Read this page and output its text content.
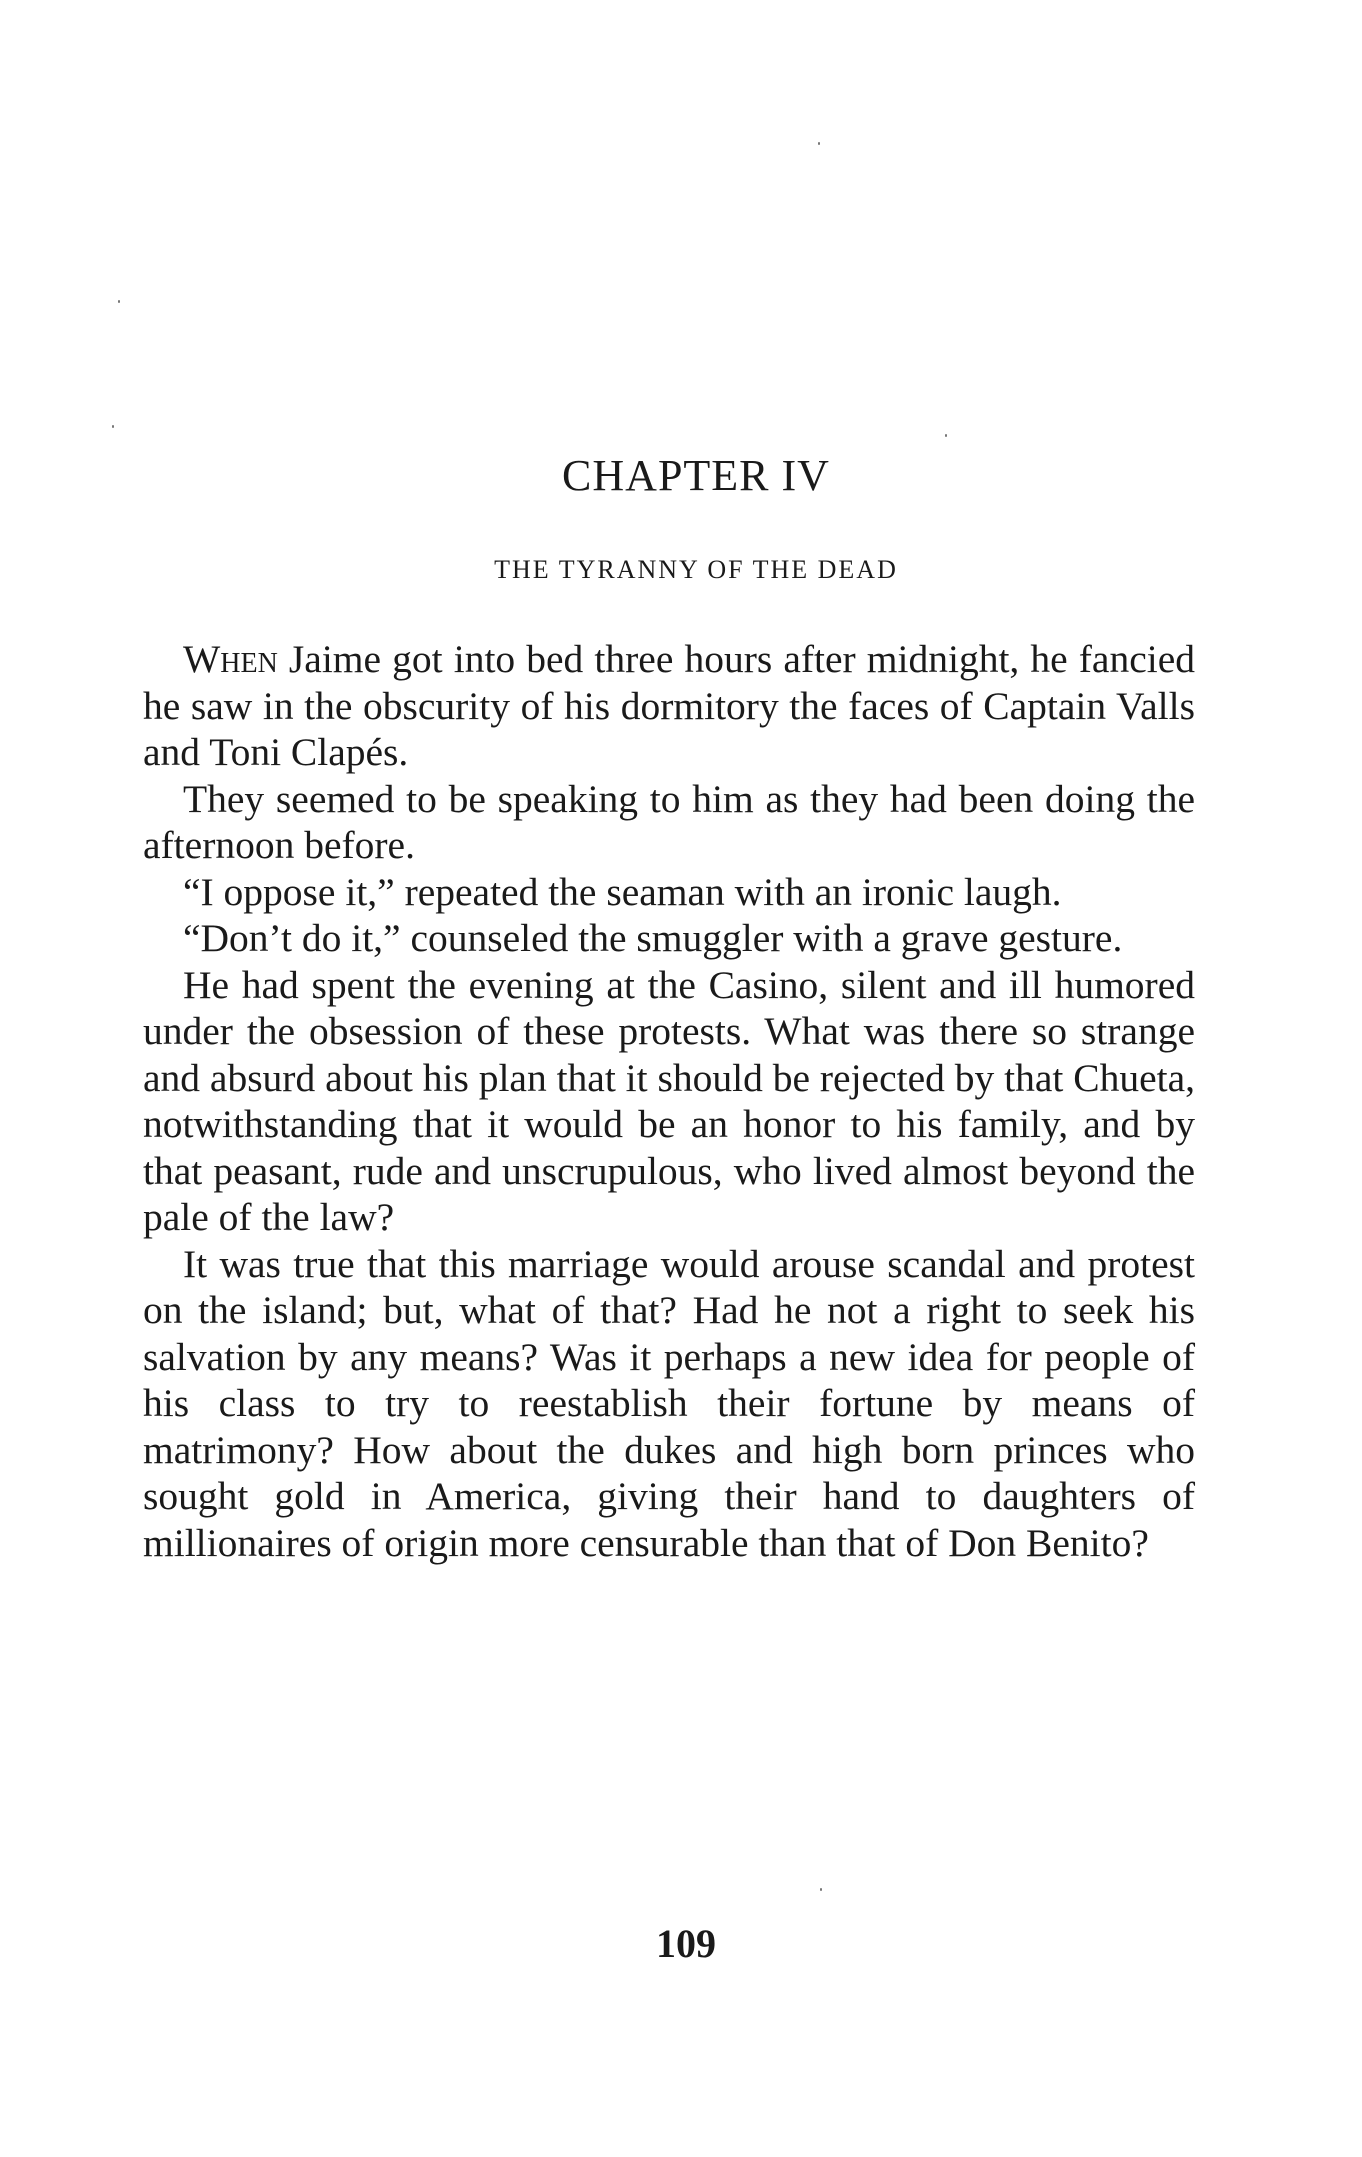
CHAPTER IV
THE TYRANNY OF THE DEAD

When Jaime got into bed three hours after midnight, he fancied he saw in the obscurity of his dormitory the faces of Captain Valls and Toni Clapés.

They seemed to be speaking to him as they had been doing the afternoon before.

“I oppose it,” repeated the seaman with an ironic laugh.

“Don’t do it,” counseled the smuggler with a grave gesture.

He had spent the evening at the Casino, silent and ill humored under the obsession of these protests. What was there so strange and absurd about his plan that it should be rejected by that Chueta, notwithstanding that it would be an honor to his family, and by that peasant, rude and unscrupulous, who lived almost beyond the pale of the law?

It was true that this marriage would arouse scandal and protest on the island; but, what of that? Had he not a right to seek his salvation by any means? Was it perhaps a new idea for people of his class to try to reestablish their fortune by means of matrimony? How about the dukes and high born princes who sought gold in America, giving their hand to daughters of millionaires of origin more censurable than that of Don Benito?

109
